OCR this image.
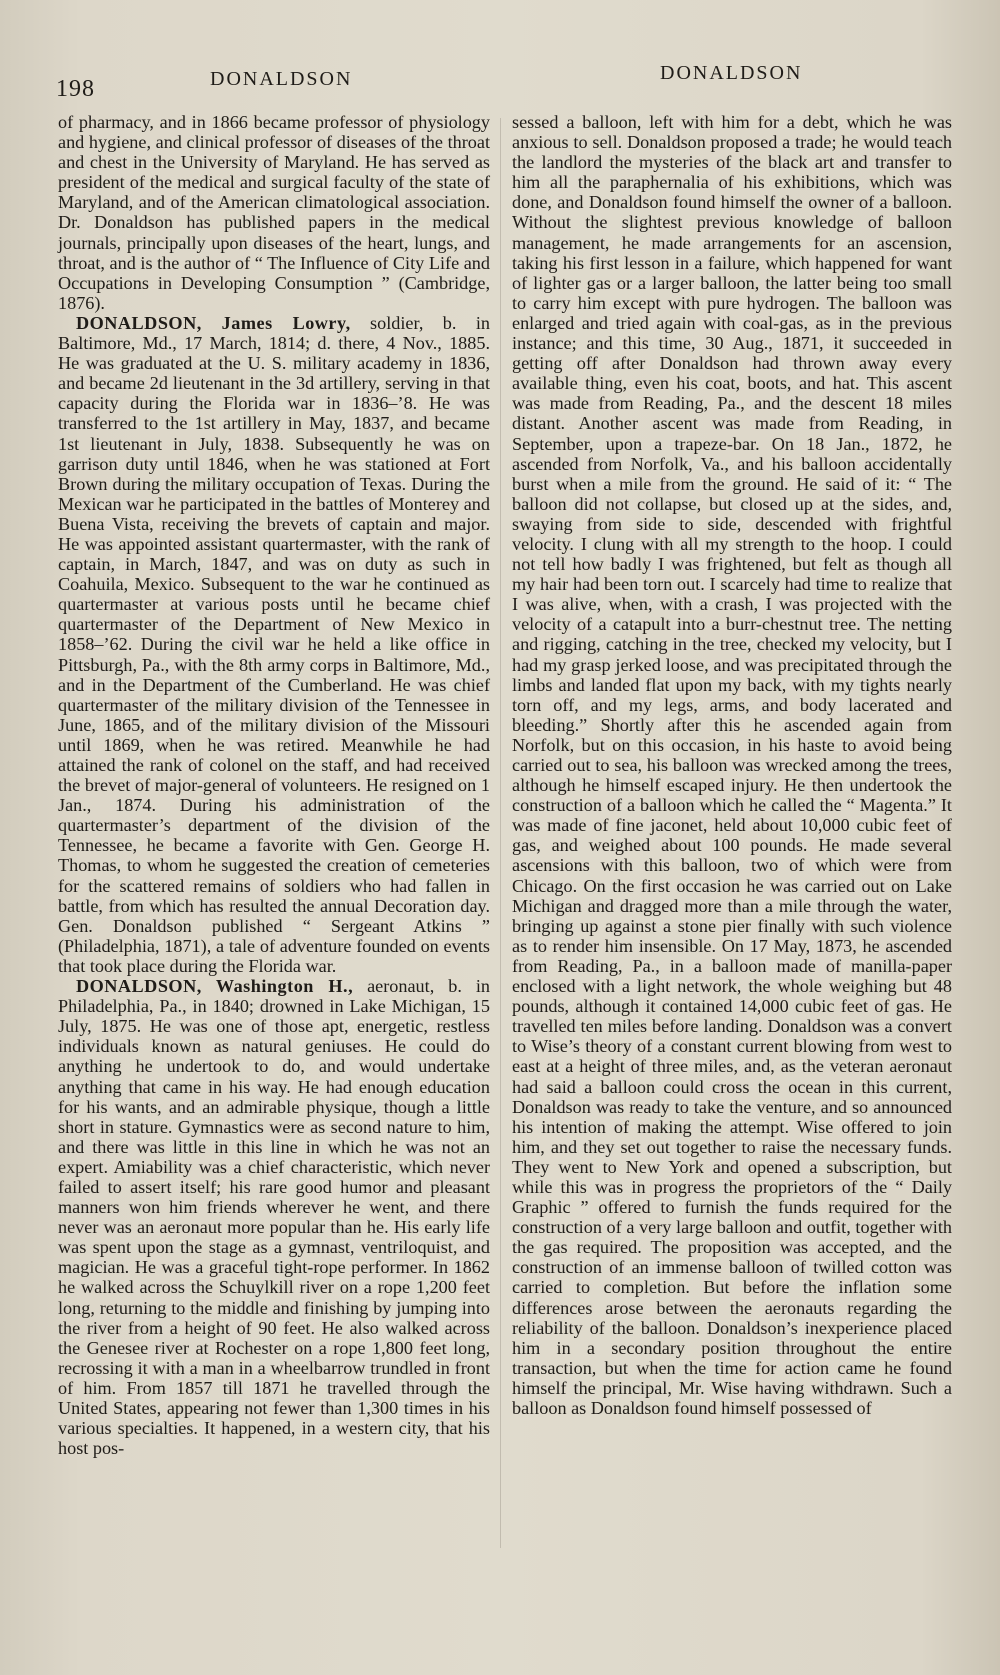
198	DONALDSON	DONALDSON

of pharmacy, and in 1866 became professor of physiology and hygiene, and clinical professor of diseases of the throat and chest in the University of Maryland. He has served as president of the medical and surgical faculty of the state of Maryland, and of the American climatological association. Dr. Donaldson has published papers in the medical journals, principally upon diseases of the heart, lungs, and throat, and is the author of “ The Influence of City Life and Occupations in Developing Consumption ” (Cambridge, 1876).

DONALDSON, James Lowry, soldier, b. in Baltimore, Md., 17 March, 1814; d. there, 4 Nov., 1885. He was graduated at the U. S. military academy in 1836, and became 2d lieutenant in the 3d artillery, serving in that capacity during the Florida war in 1836–’8. He was transferred to the 1st artillery in May, 1837, and became 1st lieutenant in July, 1838. Subsequently he was on garrison duty until 1846, when he was stationed at Fort Brown during the military occupation of Texas. During the Mexican war he participated in the battles of Monterey and Buena Vista, receiving the brevets of captain and major. He was appointed assistant quartermaster, with the rank of captain, in March, 1847, and was on duty as such in Coahuila, Mexico. Subsequent to the war he continued as quartermaster at various posts until he became chief quartermaster of the Department of New Mexico in 1858–’62. During the civil war he held a like office in Pittsburgh, Pa., with the 8th army corps in Baltimore, Md., and in the Department of the Cumberland. He was chief quartermaster of the military division of the Tennessee in June, 1865, and of the military division of the Missouri until 1869, when he was retired. Meanwhile he had attained the rank of colonel on the staff, and had received the brevet of major-general of volunteers. He resigned on 1 Jan., 1874. During his administration of the quartermaster’s department of the division of the Tennessee, he became a favorite with Gen. George H. Thomas, to whom he suggested the creation of cemeteries for the scattered remains of soldiers who had fallen in battle, from which has resulted the annual Decoration day. Gen. Donaldson published “ Sergeant Atkins ” (Philadelphia, 1871), a tale of adventure founded on events that took place during the Florida war.

DONALDSON, Washington H., aeronaut, b. in Philadelphia, Pa., in 1840; drowned in Lake Michigan, 15 July, 1875. He was one of those apt, energetic, restless individuals known as natural geniuses. He could do anything he undertook to do, and would undertake anything that came in his way. He had enough education for his wants, and an admirable physique, though a little short in stature. Gymnastics were as second nature to him, and there was little in this line in which he was not an expert. Amiability was a chief characteristic, which never failed to assert itself; his rare good humor and pleasant manners won him friends wherever he went, and there never was an aeronaut more popular than he. His early life was spent upon the stage as a gymnast, ventriloquist, and magician. He was a graceful tight-rope performer. In 1862 he walked across the Schuylkill river on a rope 1,200 feet long, returning to the middle and finishing by jumping into the river from a height of 90 feet. He also walked across the Genesee river at Rochester on a rope 1,800 feet long, recrossing it with a man in a wheelbarrow trundled in front of him. From 1857 till 1871 he travelled through the United States, appearing not fewer than 1,300 times in his various specialties. It happened, in a western city, that his host pos-

sessed a balloon, left with him for a debt, which he was anxious to sell. Donaldson proposed a trade; he would teach the landlord the mysteries of the black art and transfer to him all the paraphernalia of his exhibitions, which was done, and Donaldson found himself the owner of a balloon. Without the slightest previous knowledge of balloon management, he made arrangements for an ascension, taking his first lesson in a failure, which happened for want of lighter gas or a larger balloon, the latter being too small to carry him except with pure hydrogen. The balloon was enlarged and tried again with coal-gas, as in the previous instance; and this time, 30 Aug., 1871, it succeeded in getting off after Donaldson had thrown away every available thing, even his coat, boots, and hat. This ascent was made from Reading, Pa., and the descent 18 miles distant. Another ascent was made from Reading, in September, upon a trapeze-bar. On 18 Jan., 1872, he ascended from Norfolk, Va., and his balloon accidentally burst when a mile from the ground. He said of it: “ The balloon did not collapse, but closed up at the sides, and, swaying from side to side, descended with frightful velocity. I clung with all my strength to the hoop. I could not tell how badly I was frightened, but felt as though all my hair had been torn out. I scarcely had time to realize that I was alive, when, with a crash, I was projected with the velocity of a catapult into a burr-chestnut tree. The netting and rigging, catching in the tree, checked my velocity, but I had my grasp jerked loose, and was precipitated through the limbs and landed flat upon my back, with my tights nearly torn off, and my legs, arms, and body lacerated and bleeding.” Shortly after this he ascended again from Norfolk, but on this occasion, in his haste to avoid being carried out to sea, his balloon was wrecked among the trees, although he himself escaped injury. He then undertook the construction of a balloon which he called the “ Magenta.” It was made of fine jaconet, held about 10,000 cubic feet of gas, and weighed about 100 pounds. He made several ascensions with this balloon, two of which were from Chicago. On the first occasion he was carried out on Lake Michigan and dragged more than a mile through the water, bringing up against a stone pier finally with such violence as to render him insensible. On 17 May, 1873, he ascended from Reading, Pa., in a balloon made of manilla-paper enclosed with a light network, the whole weighing but 48 pounds, although it contained 14,000 cubic feet of gas. He travelled ten miles before landing. Donaldson was a convert to Wise’s theory of a constant current blowing from west to east at a height of three miles, and, as the veteran aeronaut had said a balloon could cross the ocean in this current, Donaldson was ready to take the venture, and so announced his intention of making the attempt. Wise offered to join him, and they set out together to raise the necessary funds. They went to New York and opened a subscription, but while this was in progress the proprietors of the “ Daily Graphic ” offered to furnish the funds required for the construction of a very large balloon and outfit, together with the gas required. The proposition was accepted, and the construction of an immense balloon of twilled cotton was carried to completion. But before the inflation some differences arose between the aeronauts regarding the reliability of the balloon. Donaldson’s inexperience placed him in a secondary position throughout the entire transaction, but when the time for action came he found himself the principal, Mr. Wise having withdrawn. Such a balloon as Donaldson found himself possessed of
